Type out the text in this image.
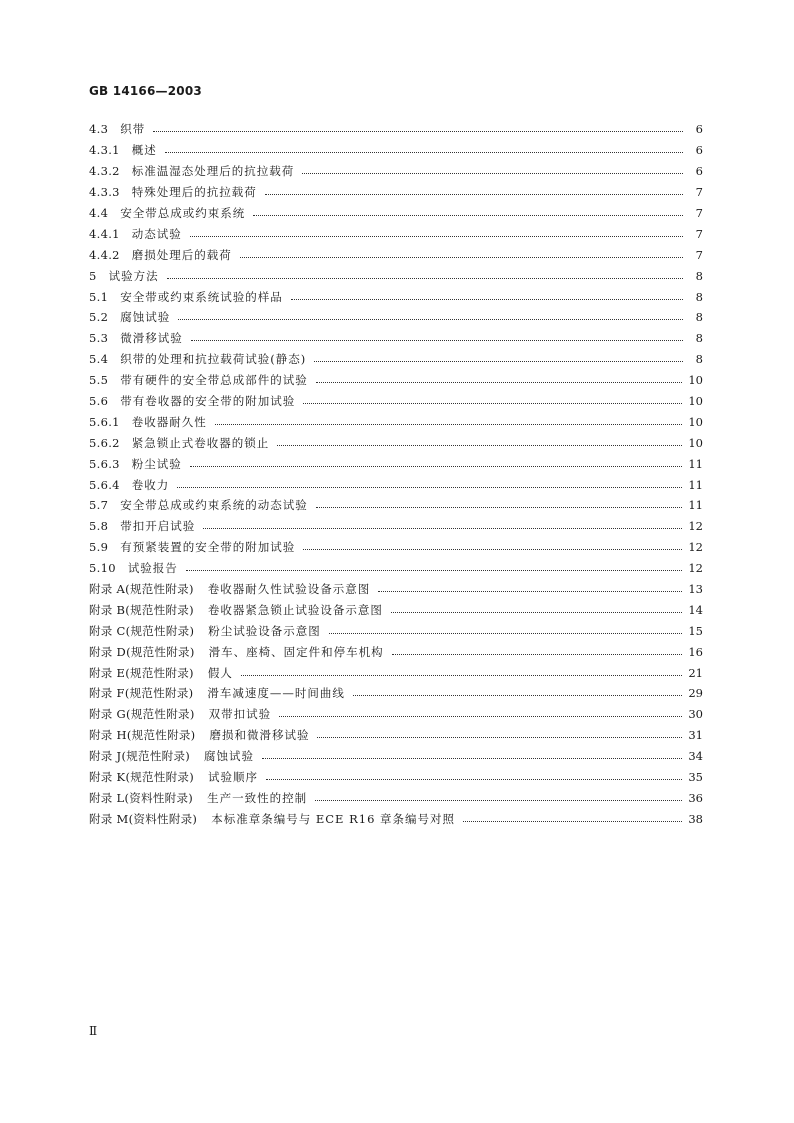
GB 14166—2003
4.3 织带	6
4.3.1 概述	6
4.3.2 标准温湿态处理后的抗拉载荷	6
4.3.3 特殊处理后的抗拉载荷	7
4.4 安全带总成或约束系统	7
4.4.1 动态试验	7
4.4.2 磨损处理后的载荷	7
5 试验方法	8
5.1 安全带或约束系统试验的样品	8
5.2 腐蚀试验	8
5.3 微滑移试验	8
5.4 织带的处理和抗拉载荷试验(静态)	8
5.5 带有硬件的安全带总成部件的试验	10
5.6 带有卷收器的安全带的附加试验	10
5.6.1 卷收器耐久性	10
5.6.2 紧急锁止式卷收器的锁止	10
5.6.3 粉尘试验	11
5.6.4 卷收力	11
5.7 安全带总成或约束系统的动态试验	11
5.8 带扣开启试验	12
5.9 有预紧装置的安全带的附加试验	12
5.10 试验报告	12
附录 A(规范性附录) 卷收器耐久性试验设备示意图	13
附录 B(规范性附录) 卷收器紧急锁止试验设备示意图	14
附录 C(规范性附录) 粉尘试验设备示意图	15
附录 D(规范性附录) 滑车、座椅、固定件和停车机构	16
附录 E(规范性附录) 假人	21
附录 F(规范性附录) 滑车减速度——时间曲线	29
附录 G(规范性附录) 双带扣试验	30
附录 H(规范性附录) 磨损和微滑移试验	31
附录 J(规范性附录) 腐蚀试验	34
附录 K(规范性附录) 试验顺序	35
附录 L(资料性附录) 生产一致性的控制	36
附录 M(资料性附录) 本标准章条编号与 ECE R16 章条编号对照	38
Ⅱ
